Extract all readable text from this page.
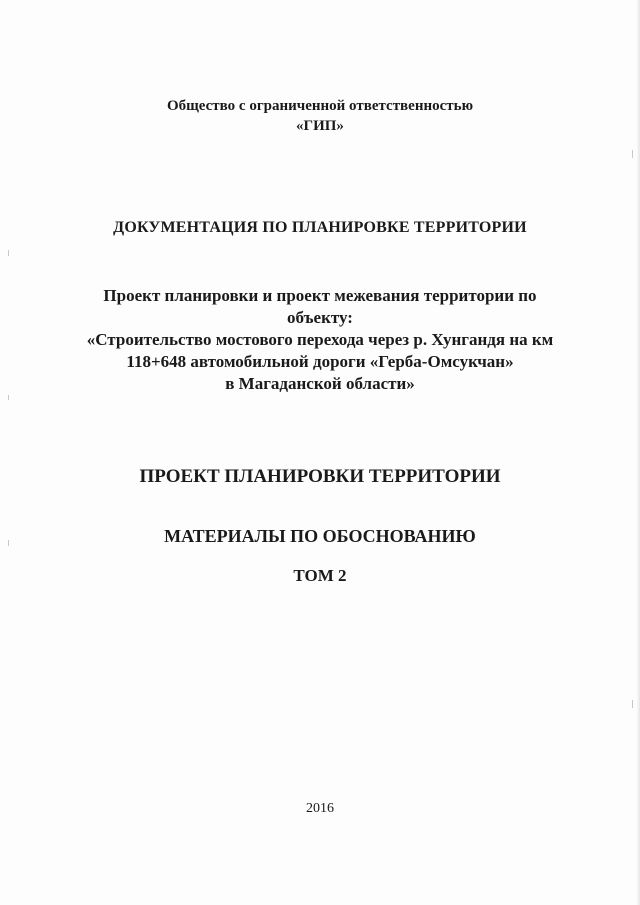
Общество с ограниченной ответственностью
«ГИП»
ДОКУМЕНТАЦИЯ ПО ПЛАНИРОВКЕ ТЕРРИТОРИИ
Проект планировки и проект межевания территории по
объекту:
«Строительство мостового перехода через р. Хунгандя на км
118+648 автомобильной дороги «Герба-Омсукчан»
в Магаданской области»
ПРОЕКТ ПЛАНИРОВКИ ТЕРРИТОРИИ
МАТЕРИАЛЫ ПО ОБОСНОВАНИЮ
ТОМ 2
2016
